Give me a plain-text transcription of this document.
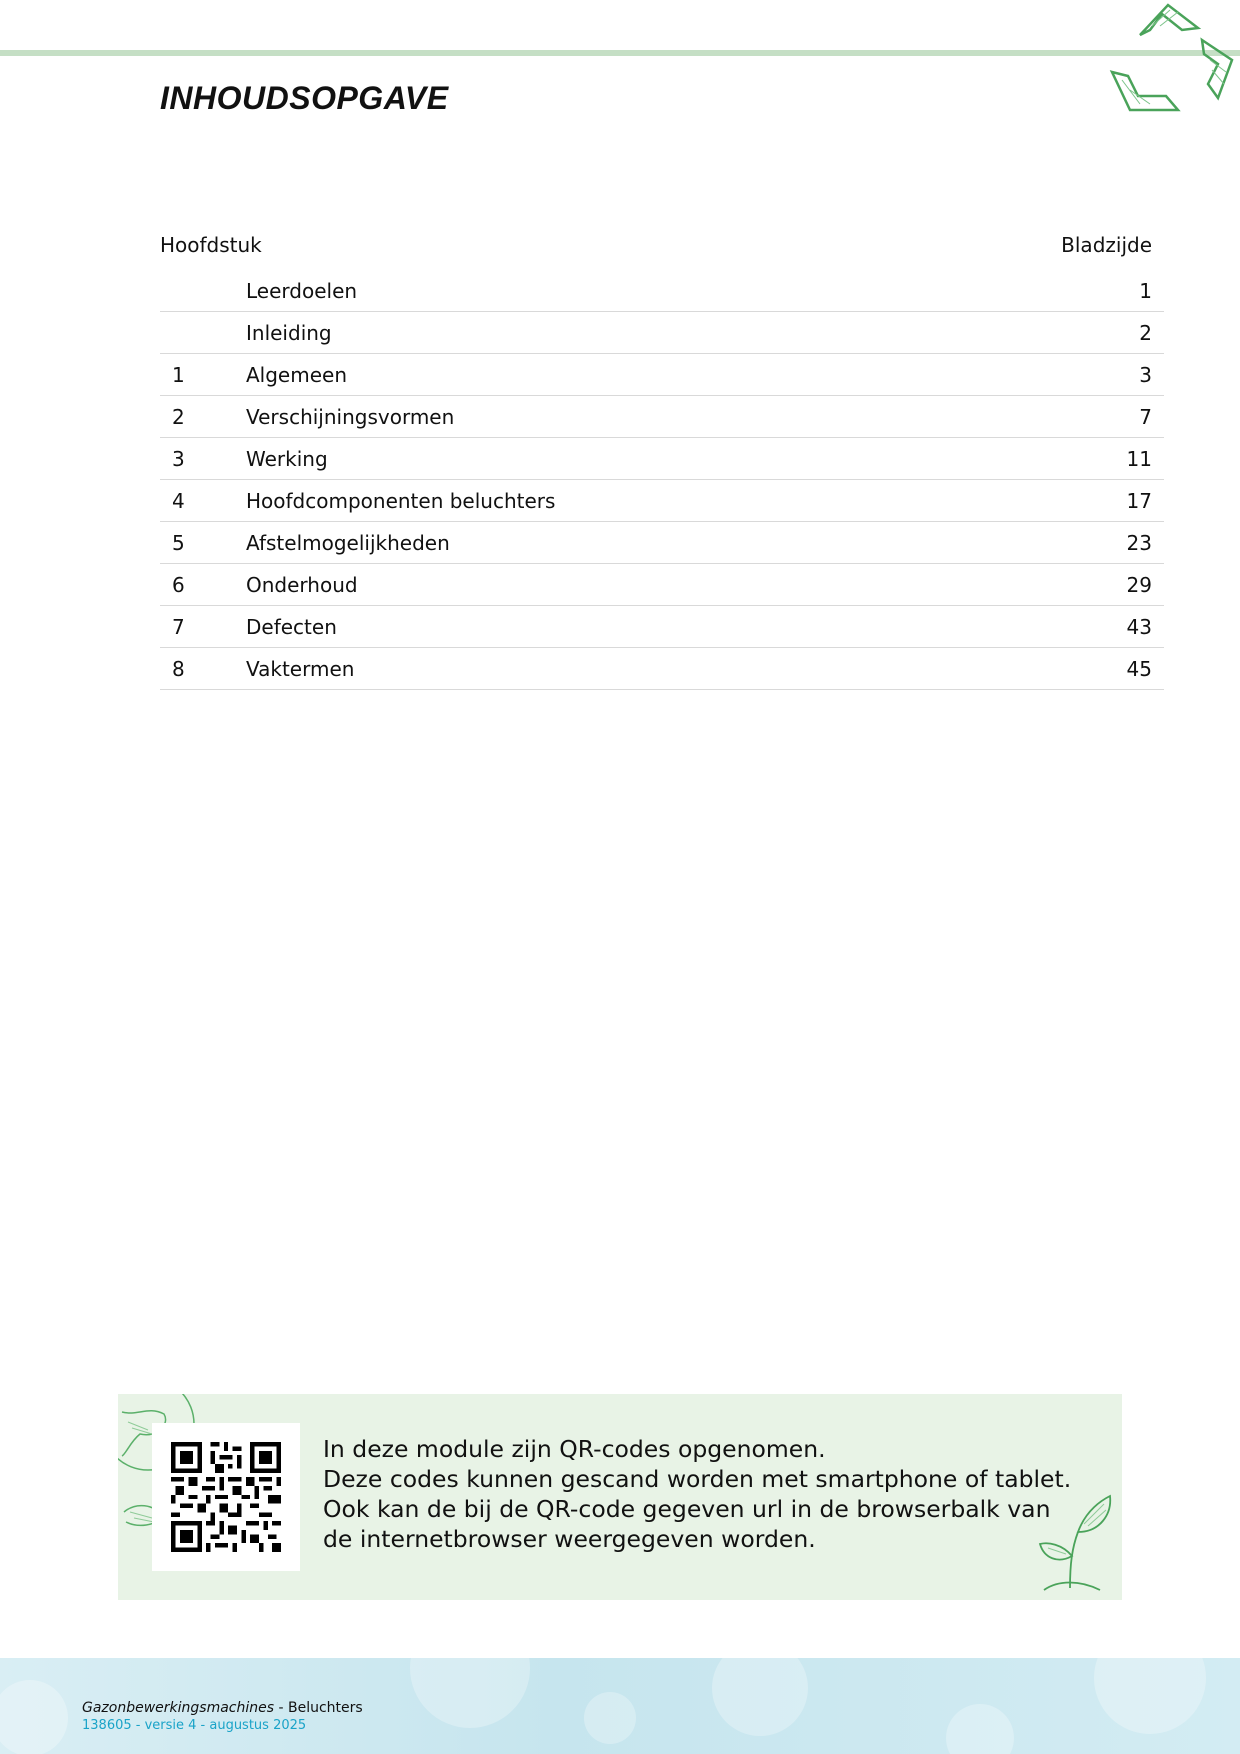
INHOUDSOPGAVE
Hoofdstuk	Bladzijde
Leerdoelen	1
Inleiding	2
1	Algemeen	3
2	Verschijningsvormen	7
3	Werking	11
4	Hoofdcomponenten beluchters	17
5	Afstelmogelijkheden	23
6	Onderhoud	29
7	Defecten	43
8	Vaktermen	45

In deze module zijn QR-codes opgenomen.
Deze codes kunnen gescand worden met smartphone of tablet.
Ook kan de bij de QR-code gegeven url in de browserbalk van
de internetbrowser weergegeven worden.

Gazonbewerkingsmachines - Beluchters
138605 - versie 4 - augustus 2025
